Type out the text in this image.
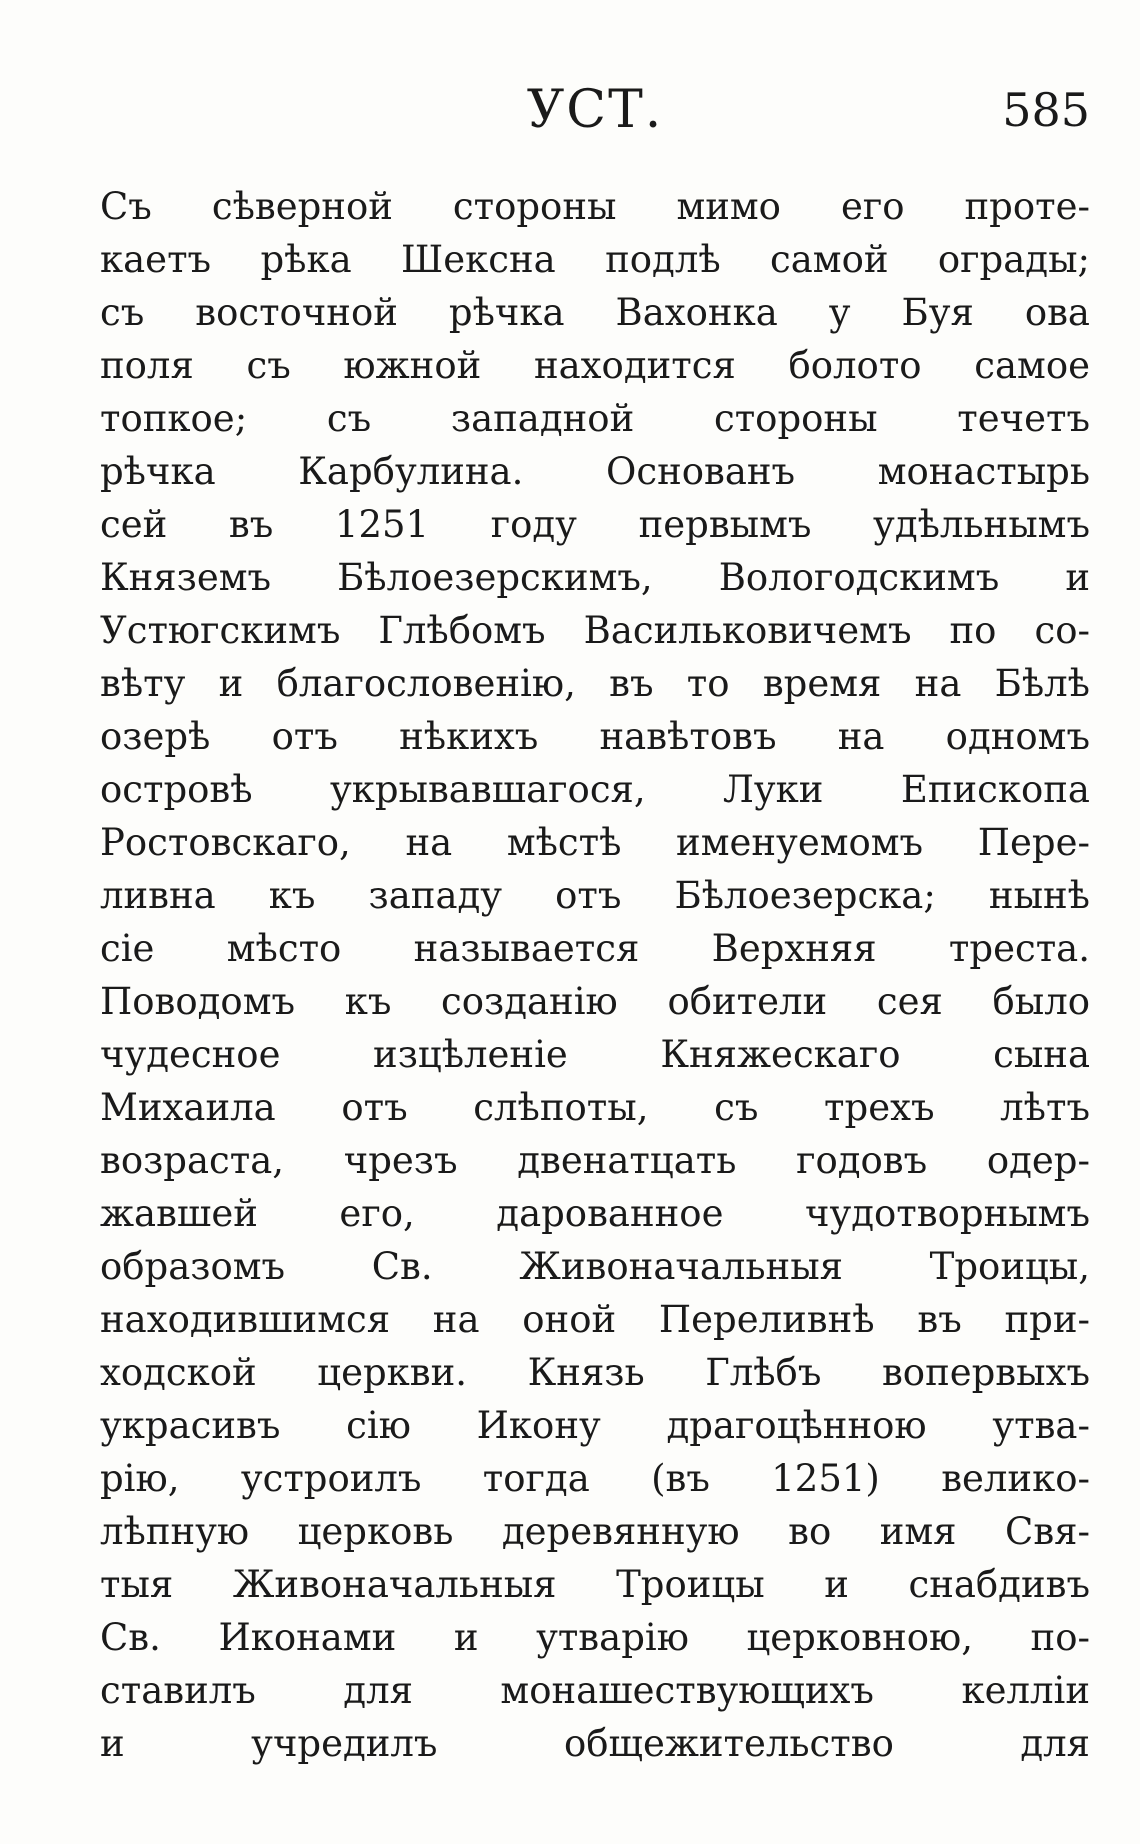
УСТ.	585
Съ сѣверной стороны мимо его проте-
каетъ рѣка Шексна подлѣ самой ограды;
съ восточной рѣчка Вахонка у Буя ова
поля съ южной находится болото самое
топкое; съ западной стороны течетъ
рѣчка Карбулина. Основанъ монастырь
сей въ 1251 году первымъ удѣльнымъ
Княземъ Бѣлоезерскимъ, Вологодскимъ и
Устюгскимъ Глѣбомъ Васильковичемъ по со-
вѣту и благословенію, въ то время на Бѣлѣ
озерѣ отъ нѣкихъ навѣтовъ на одномъ
островѣ укрывавшагося, Луки Епископа
Ростовскаго, на мѣстѣ именуемомъ Пере-
ливна къ западу отъ Бѣлоезерска; нынѣ
сіе мѣсто называется Верхняя треста.
Поводомъ къ созданію обители сея было
чудесное изцѣленіе Княжескаго сына
Михаила отъ слѣпоты, съ трехъ лѣтъ
возраста, чрезъ двенатцать годовъ одер-
жавшей его, дарованное чудотворнымъ
образомъ Св. Живоначальныя Троицы,
находившимся на оной Переливнѣ въ при-
ходской церкви. Князь Глѣбъ вопервыхъ
украсивъ сію Икону драгоцѣнною утва-
рію, устроилъ тогда (въ 1251) велико-
лѣпную церковь деревянную во имя Свя-
тыя Живоначальныя Троицы и снабдивъ
Св. Иконами и утварію церковною, по-
ставилъ для монашествующихъ келліи
и учредилъ общежительство для
